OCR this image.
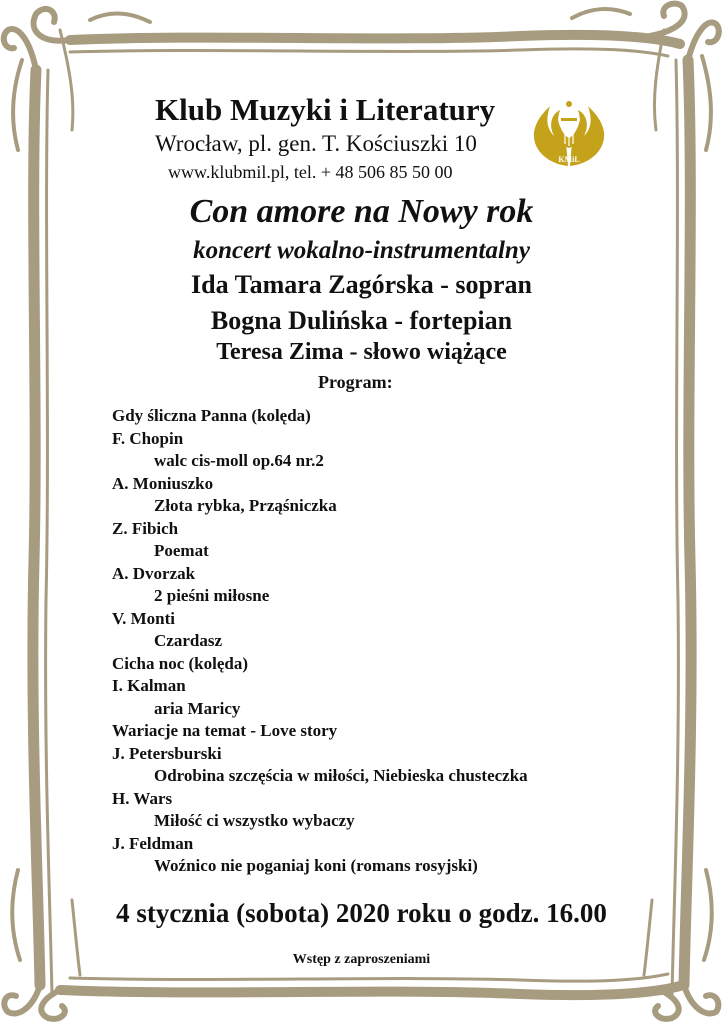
Klub Muzyki i Literatury
Wrocław, pl. gen. T. Kościuszki 10
www.klubmil.pl, tel. + 48 506 85 50 00
KMiL
Con amore na Nowy rok
koncert wokalno-instrumentalny
Ida Tamara Zagórska - sopran
Bogna Dulińska - fortepian
Teresa Zima - słowo wiążące
Program:
Gdy śliczna Panna (kolęda)
F. Chopin
walc cis-moll op.64 nr.2
A. Moniuszko
Złota rybka, Prząśniczka
Z. Fibich
Poemat
A. Dvorzak
2 pieśni miłosne
V. Monti
Czardasz
Cicha noc (kolęda)
I. Kalman
aria Maricy
Wariacje na temat - Love story
J. Petersburski
Odrobina szczęścia w miłości, Niebieska chusteczka
H. Wars
Miłość ci wszystko wybaczy
J. Feldman
Woźnico nie poganiaj koni (romans rosyjski)
4 stycznia (sobota) 2020 roku o godz. 16.00
Wstęp z zaproszeniami
